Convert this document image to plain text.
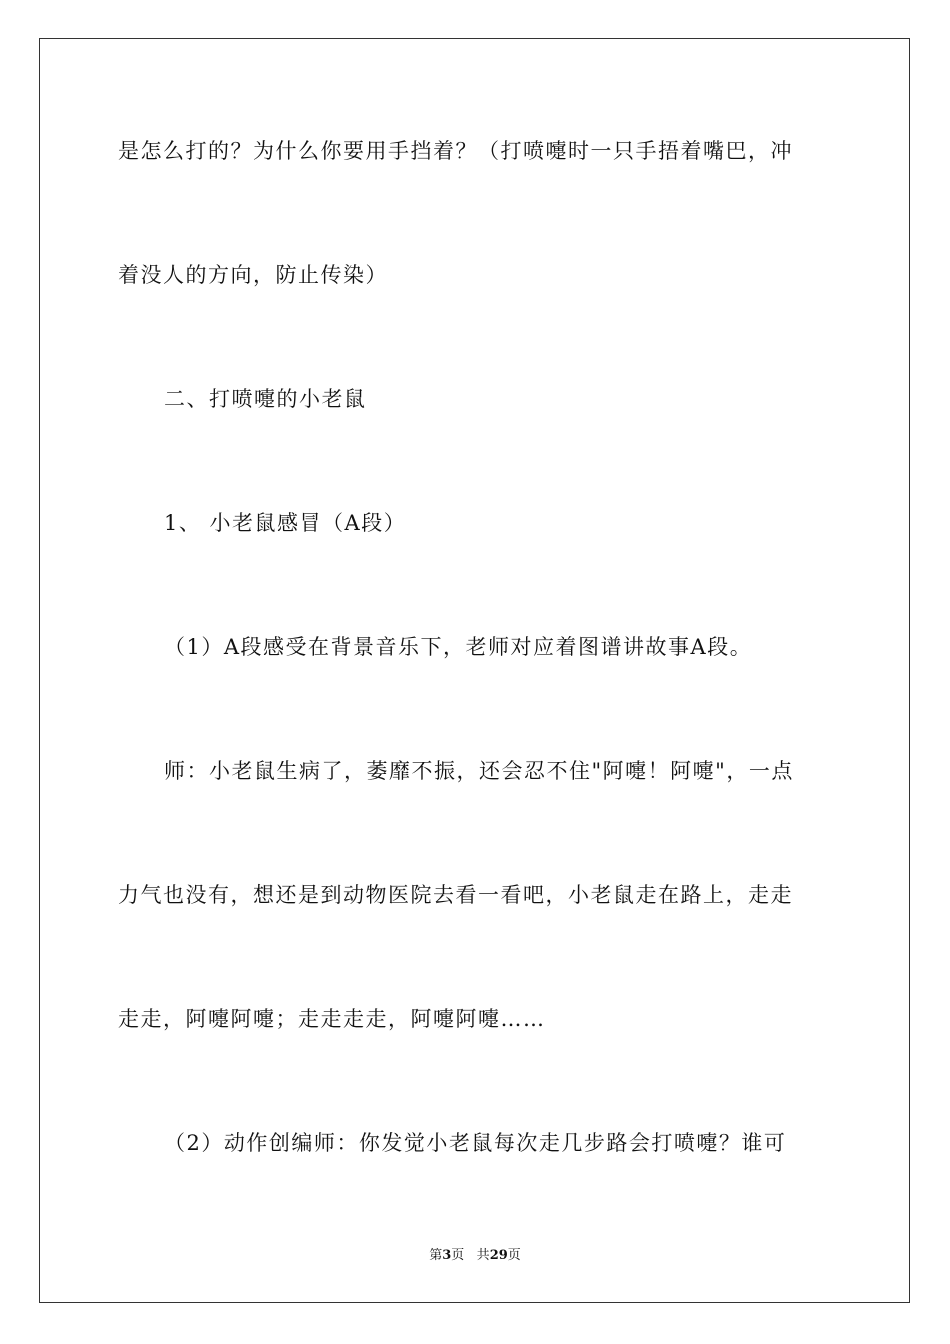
是怎么打的？为什么你要用手挡着？（打喷嚏时一只手捂着嘴巴，冲
着没人的方向，防止传染）
二、打喷嚏的小老鼠
1、 小老鼠感冒（A段）
（1）A段感受在背景音乐下，老师对应着图谱讲故事A段。
师：小老鼠生病了，萎靡不振，还会忍不住"阿嚏！阿嚏"，一点
力气也没有，想还是到动物医院去看一看吧，小老鼠走在路上，走走
走走，阿嚏阿嚏；走走走走，阿嚏阿嚏……
（2）动作创编师：你发觉小老鼠每次走几步路会打喷嚏？谁可
第3页 共29页
